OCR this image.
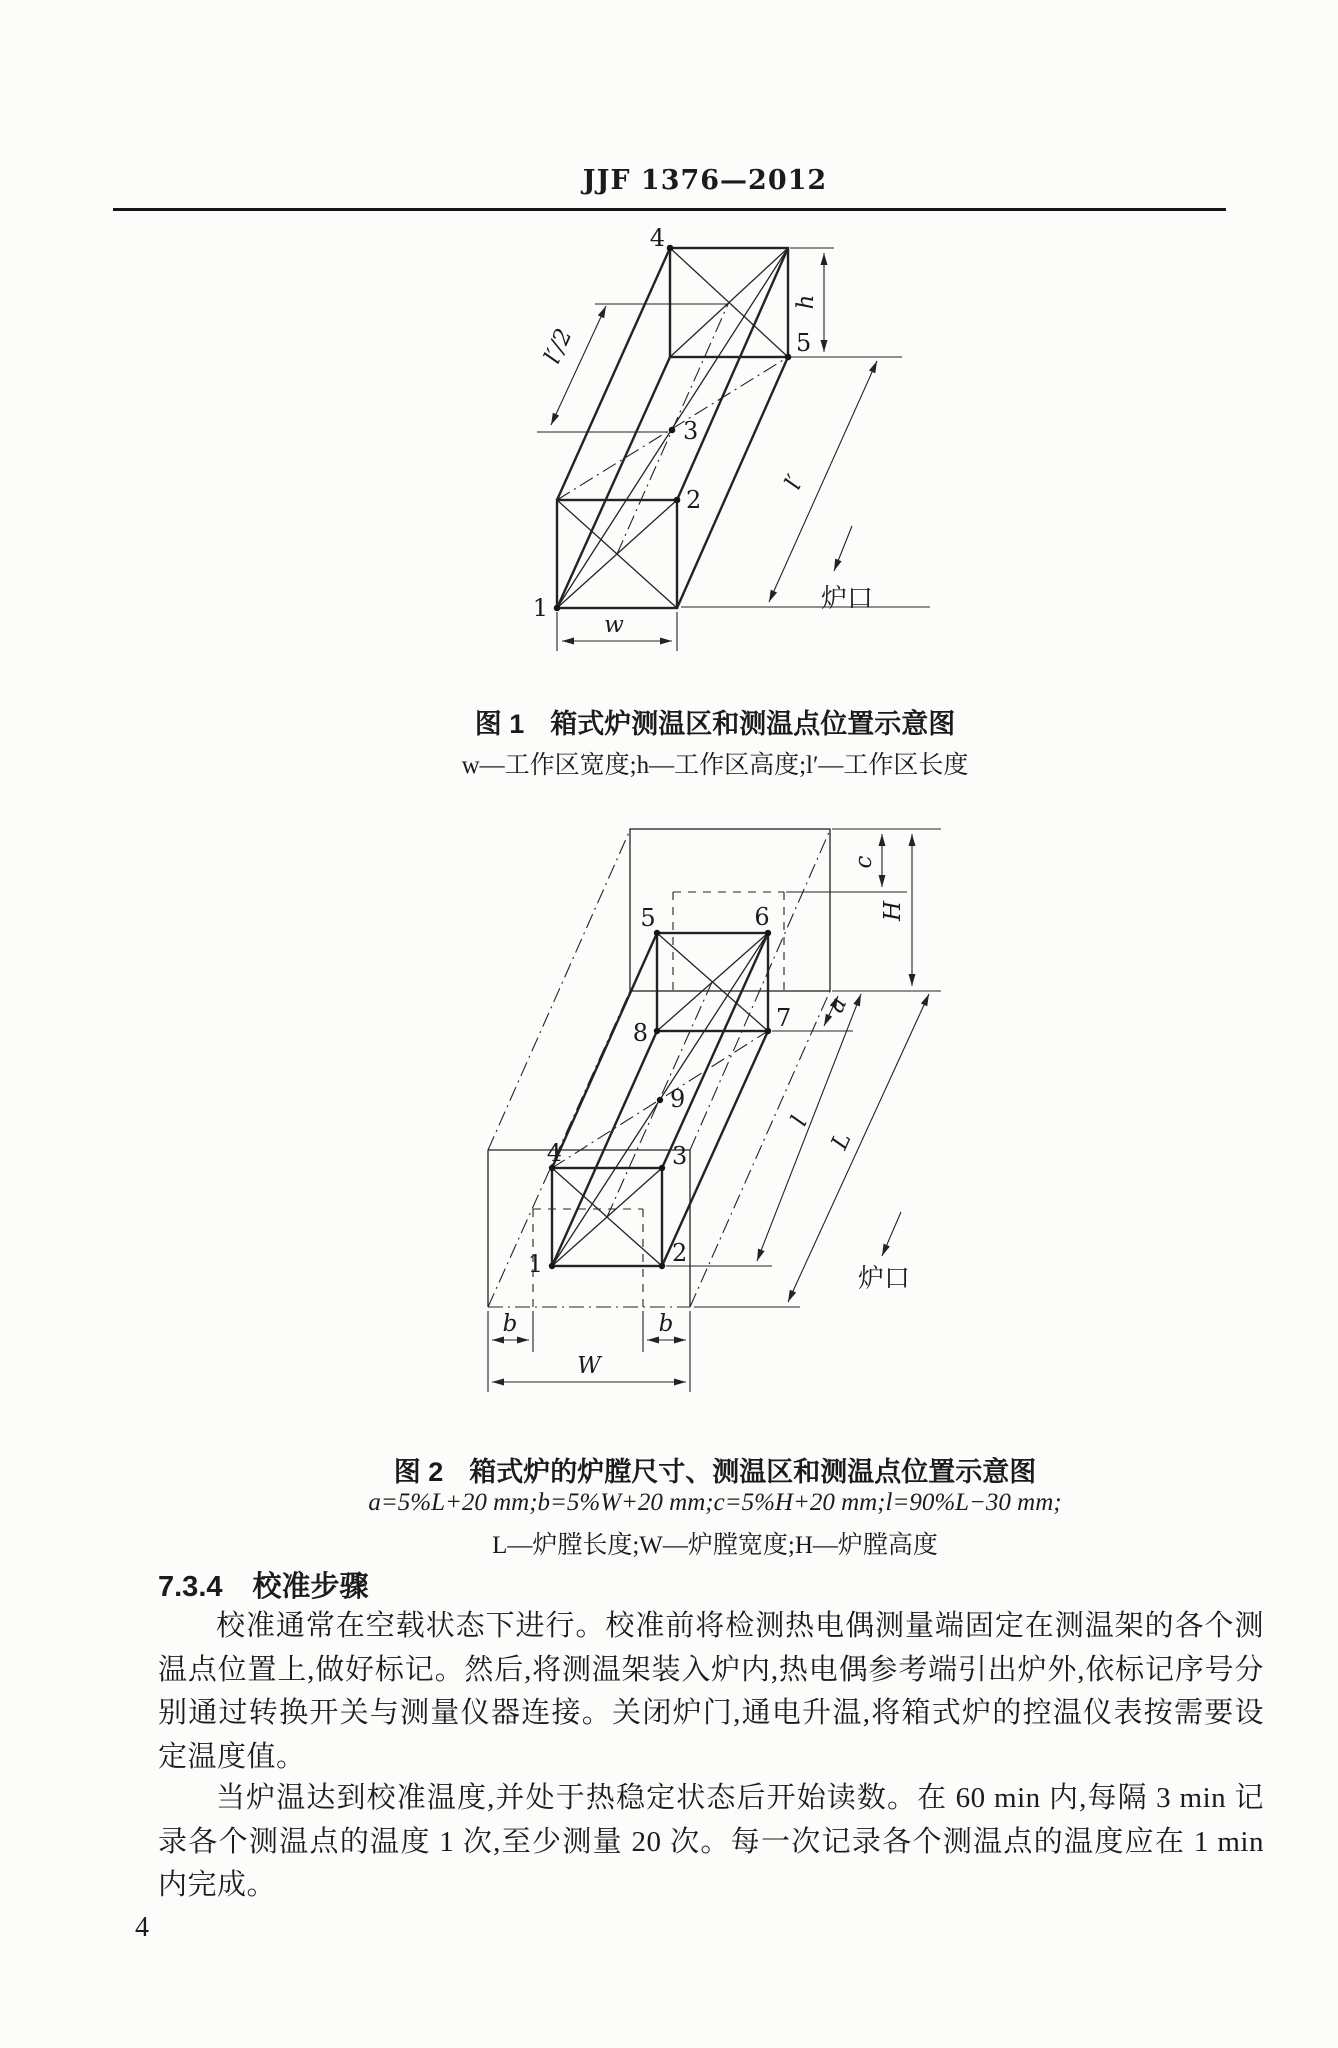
JJF 1376—2012
1
2
3
4
5
l′/2
h
l′
w
炉口
图 1 箱式炉测温区和测温点位置示意图
w—工作区宽度;h—工作区高度;l′—工作区长度
1	2
3
4
5	6
7
8
9
c
H
a
l
L
b	b
W
炉口
图 2 箱式炉的炉膛尺寸、测温区和测温点位置示意图
a=5%L+20 mm;b=5%W+20 mm;c=5%H+20 mm;l=90%L−30 mm;
L—炉膛长度;W—炉膛宽度;H—炉膛高度
7.3.4 校准步骤
校准通常在空载状态下进行。校准前将检测热电偶测量端固定在测温架的各个测温点位置上,做好标记。然后,将测温架装入炉内,热电偶参考端引出炉外,依标记序号分别通过转换开关与测量仪器连接。关闭炉门,通电升温,将箱式炉的控温仪表按需要设定温度值。
当炉温达到校准温度,并处于热稳定状态后开始读数。在 60 min 内,每隔 3 min 记录各个测温点的温度 1 次,至少测量 20 次。每一次记录各个测温点的温度应在 1 min 内完成。
4
